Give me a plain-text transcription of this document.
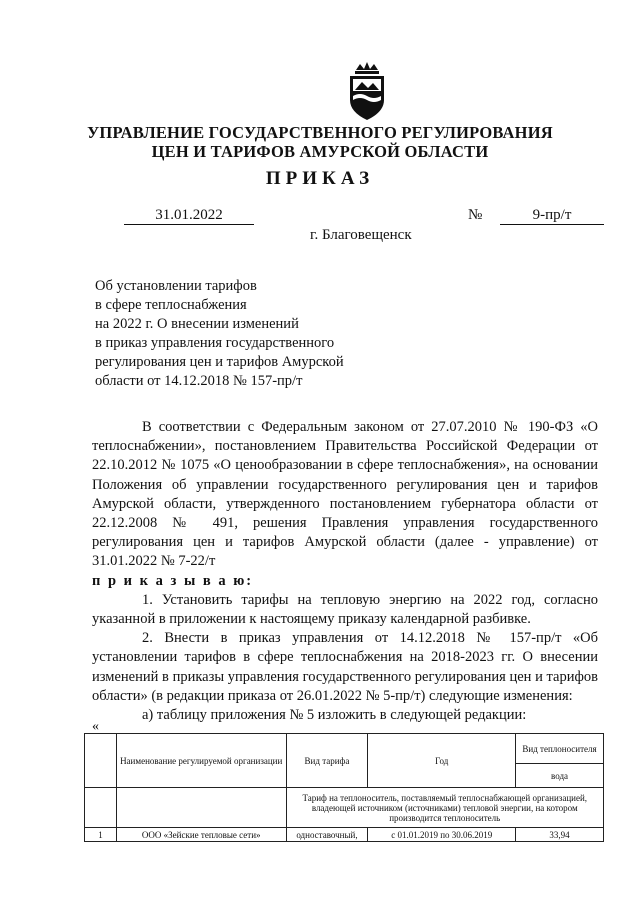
УПРАВЛЕНИЕ ГОСУДАРСТВЕННОГО РЕГУЛИРОВАНИЯ
ЦЕН И ТАРИФОВ АМУРСКОЙ ОБЛАСТИ
ПРИКАЗ
31.01.2022	№	9-пр/т
г. Благовещенск
Об установлении тарифов
в сфере теплоснабжения
на 2022 г. О внесении изменений
в приказ управления государственного
регулирования цен и тарифов Амурской
области от 14.12.2018 № 157-пр/т

В соответствии с Федеральным законом от 27.07.2010 № 190-ФЗ «О теплоснабжении», постановлением Правительства Российской Федерации от 22.10.2012 № 1075 «О ценообразовании в сфере теплоснабжения», на основании Положения об управлении государственного регулирования цен и тарифов Амурской области, утвержденного постановлением губернатора области от 22.12.2008 № 491, решения Правления управления государственного регулирования цен и тарифов Амурской области (далее - управление) от 31.01.2022 № 7-22/т

п р и к а з ы в а ю:

1. Установить тарифы на тепловую энергию на 2022 год, согласно указанной в приложении к настоящему приказу календарной разбивке.

2. Внести в приказ управления от 14.12.2018 № 157-пр/т «Об установлении тарифов в сфере теплоснабжения на 2018-2023 гг. О внесении изменений в приказы управления государственного регулирования цен и тарифов области» (в редакции приказа от 26.01.2022 № 5-пр/т) следующие изменения:

а) таблицу приложения № 5 изложить в следующей редакции:

«
	Наименование регулируемой организации	Вид тарифа	Год	Вид теплоносителя
				вода
		Тариф на теплоноситель, поставляемый теплоснабжающей организацией, владеющей источником (источниками) тепловой энергии, на котором производится теплоноситель		
1	ООО «Зейские тепловые сети»	одноставочный,	с 01.01.2019 по 30.06.2019	33,94
